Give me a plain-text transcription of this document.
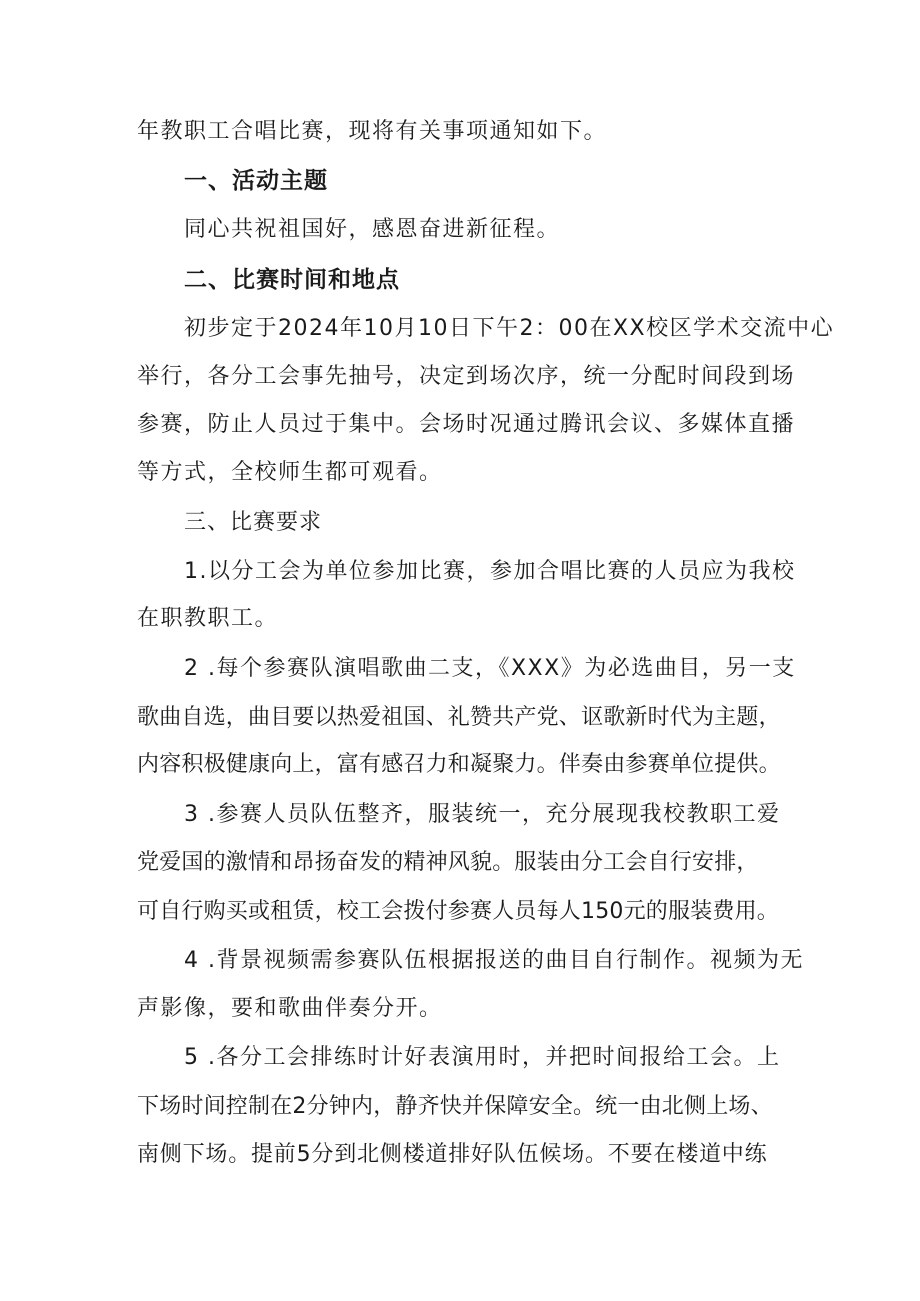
年教职工合唱比赛，现将有关事项通知如下。
一、活动主题
同心共祝祖国好，感恩奋进新征程。
二、比赛时间和地点
初步定于2024年10月10日下午2：00在XX校区学术交流中心
举行，各分工会事先抽号，决定到场次序，统一分配时间段到场
参赛，防止人员过于集中。会场时况通过腾讯会议、多媒体直播
等方式，全校师生都可观看。
三、比赛要求
1.以分工会为单位参加比赛，参加合唱比赛的人员应为我校
在职教职工。
2 .每个参赛队演唱歌曲二支，《XXX》为必选曲目，另一支
歌曲自选，曲目要以热爱祖国、礼赞共产党、讴歌新时代为主题，
内容积极健康向上，富有感召力和凝聚力。伴奏由参赛单位提供。
3 .参赛人员队伍整齐，服装统一，充分展现我校教职工爱
党爱国的激情和昂扬奋发的精神风貌。服装由分工会自行安排，
可自行购买或租赁，校工会拨付参赛人员每人150元的服装费用。
4 .背景视频需参赛队伍根据报送的曲目自行制作。视频为无
声影像，要和歌曲伴奏分开。
5 .各分工会排练时计好表演用时，并把时间报给工会。上
下场时间控制在2分钟内，静齐快并保障安全。统一由北侧上场、
南侧下场。提前5分到北侧楼道排好队伍候场。不要在楼道中练
